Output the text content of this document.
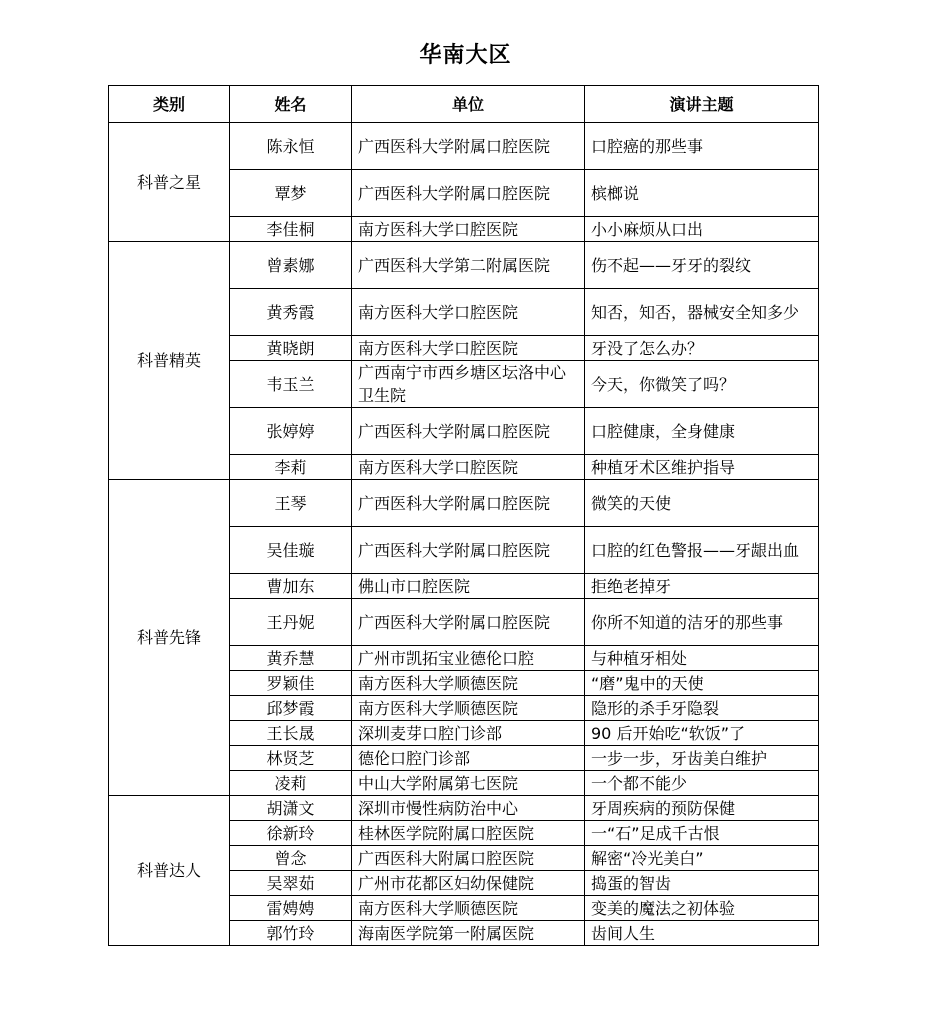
华南大区
类别	姓名	单位	演讲主题
科普之星	陈永恒	广西医科大学附属口腔医院	口腔癌的那些事
	覃梦	广西医科大学附属口腔医院	槟榔说
	李佳桐	南方医科大学口腔医院	小小麻烦从口出
科普精英	曾素娜	广西医科大学第二附属医院	伤不起——牙牙的裂纹
	黄秀霞	南方医科大学口腔医院	知否，知否，器械安全知多少
	黄晓朗	南方医科大学口腔医院	牙没了怎么办？
	韦玉兰	广西南宁市西乡塘区坛洛中心卫生院	今天，你微笑了吗？
	张婷婷	广西医科大学附属口腔医院	口腔健康，全身健康
	李莉	南方医科大学口腔医院	种植牙术区维护指导
科普先锋	王琴	广西医科大学附属口腔医院	微笑的天使
	吴佳璇	广西医科大学附属口腔医院	口腔的红色警报——牙龈出血
	曹加东	佛山市口腔医院	拒绝老掉牙
	王丹妮	广西医科大学附属口腔医院	你所不知道的洁牙的那些事
	黄乔慧	广州市凯拓宝业德伦口腔	与种植牙相处
	罗颖佳	南方医科大学顺德医院	“磨”鬼中的天使
	邱梦霞	南方医科大学顺德医院	隐形的杀手牙隐裂
	王长晟	深圳麦芽口腔门诊部	90 后开始吃“软饭”了
	林贤芝	德伦口腔门诊部	一步一步，牙齿美白维护
	凌莉	中山大学附属第七医院	一个都不能少
科普达人	胡潇文	深圳市慢性病防治中心	牙周疾病的预防保健
	徐新玲	桂林医学院附属口腔医院	一“石”足成千古恨
	曾念	广西医科大附属口腔医院	解密“冷光美白”
	吴翠茹	广州市花都区妇幼保健院	捣蛋的智齿
	雷娉娉	南方医科大学顺德医院	变美的魔法之初体验
	郭竹玲	海南医学院第一附属医院	齿间人生
